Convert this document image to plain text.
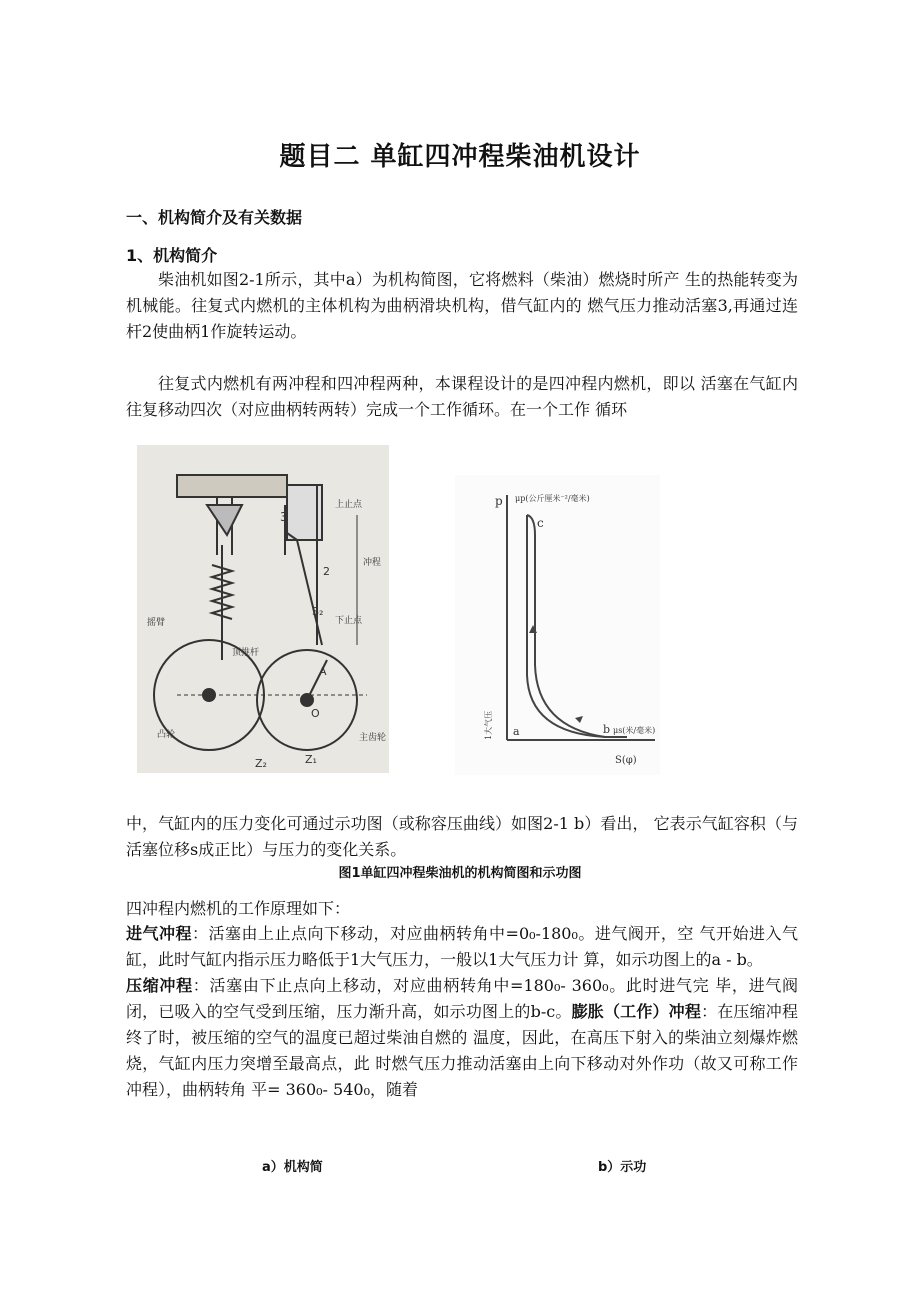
题目二 单缸四冲程柴油机设计
一、机构简介及有关数据
1、机构简介
柴油机如图2-1所示，其中a）为机构简图，它将燃料（柴油）燃烧时所产 生的热能转变为机械能。往复式内燃机的主体机构为曲柄滑块机构，借气缸内的 燃气压力推动活塞3,再通过连杆2使曲柄1作旋转运动。
往复式内燃机有两冲程和四冲程两种，本课程设计的是四冲程内燃机，即以 活塞在气缸内往复移动四次（对应曲柄转两转）完成一个工作循环。在一个工作 循环
上止点
下止点
冲程
摇臂
顶推杆
凸轮	主齿轮
3
2
S₂
Z₁
Z₂
A
O
p μp(公斤厘米⁻²/毫米)
c
a	b μs(米/毫米)
S(φ)
1大气压
中，气缸内的压力变化可通过示功图（或称容压曲线）如图2-1 b）看出， 它表示气缸容积（与活塞位移s成正比）与压力的变化关系。
图1单缸四冲程柴油机的机构简图和示功图
四冲程内燃机的工作原理如下：
进气冲程：活塞由上止点向下移动，对应曲柄转角中=0₀-180₀。进气阀开，空 气开始进入气缸，此时气缸内指示压力略低于1大气压力，一般以1大气压力计 算，如示功图上的a - b。
压缩冲程：活塞由下止点向上移动，对应曲柄转角中=180₀- 360₀。此时进气完 毕，进气阀闭，已吸入的空气受到压缩，压力渐升高，如示功图上的b-c。膨胀（工作）冲程：在压缩冲程终了时，被压缩的空气的温度已超过柴油自燃的 温度，因此，在高压下射入的柴油立刻爆炸燃烧，气缸内压力突增至最高点，此 时燃气压力推动活塞由上向下移动对外作功（故又可称工作冲程），曲柄转角 平= 360₀- 540₀，随着
a）机构简	b）示功
